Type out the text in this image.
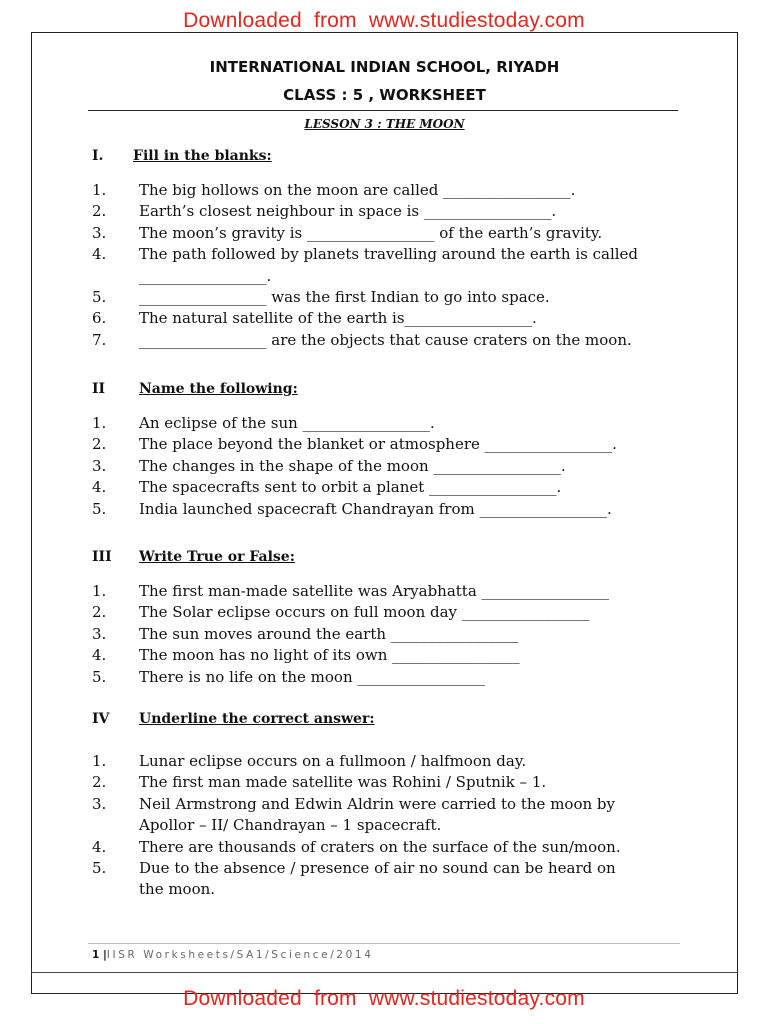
Downloaded  from  www.studiestoday.com
INTERNATIONAL INDIAN SCHOOL, RIYADH
CLASS : 5 , WORKSHEET
LESSON 3 : THE MOON
I. Fill in the blanks:
1. The big hollows on the moon are called _________________.
2. Earth’s closest neighbour in space is _________________.
3. The moon’s gravity is _________________ of the earth’s gravity.
4. The path followed by planets travelling around the earth is called
_________________.
5. _________________ was the first Indian to go into space.
6. The natural satellite of the earth is_________________.
7. _________________ are the objects that cause craters on the moon.
II Name the following:
1. An eclipse of the sun _________________.
2. The place beyond the blanket or atmosphere _________________.
3. The changes in the shape of the moon _________________.
4. The spacecrafts sent to orbit a planet _________________.
5. India launched spacecraft Chandrayan from _________________.
III Write True or False:
1. The first man-made satellite was Aryabhatta _________________
2. The Solar eclipse occurs on full moon day _________________
3. The sun moves around the earth _________________
4. The moon has no light of its own _________________
5. There is no life on the moon _________________
IV Underline the correct answer:
1. Lunar eclipse occurs on a fullmoon / halfmoon day.
2. The first man made satellite was Rohini / Sputnik – 1.
3. Neil Armstrong and Edwin Aldrin were carried to the moon by
Apollor – II/ Chandrayan – 1 spacecraft.
4. There are thousands of craters on the surface of the sun/moon.
5. Due to the absence / presence of air no sound can be heard on
the moon.
1 |IISR Worksheets/SA1/Science/2014
Downloaded  from  www.studiestoday.com
